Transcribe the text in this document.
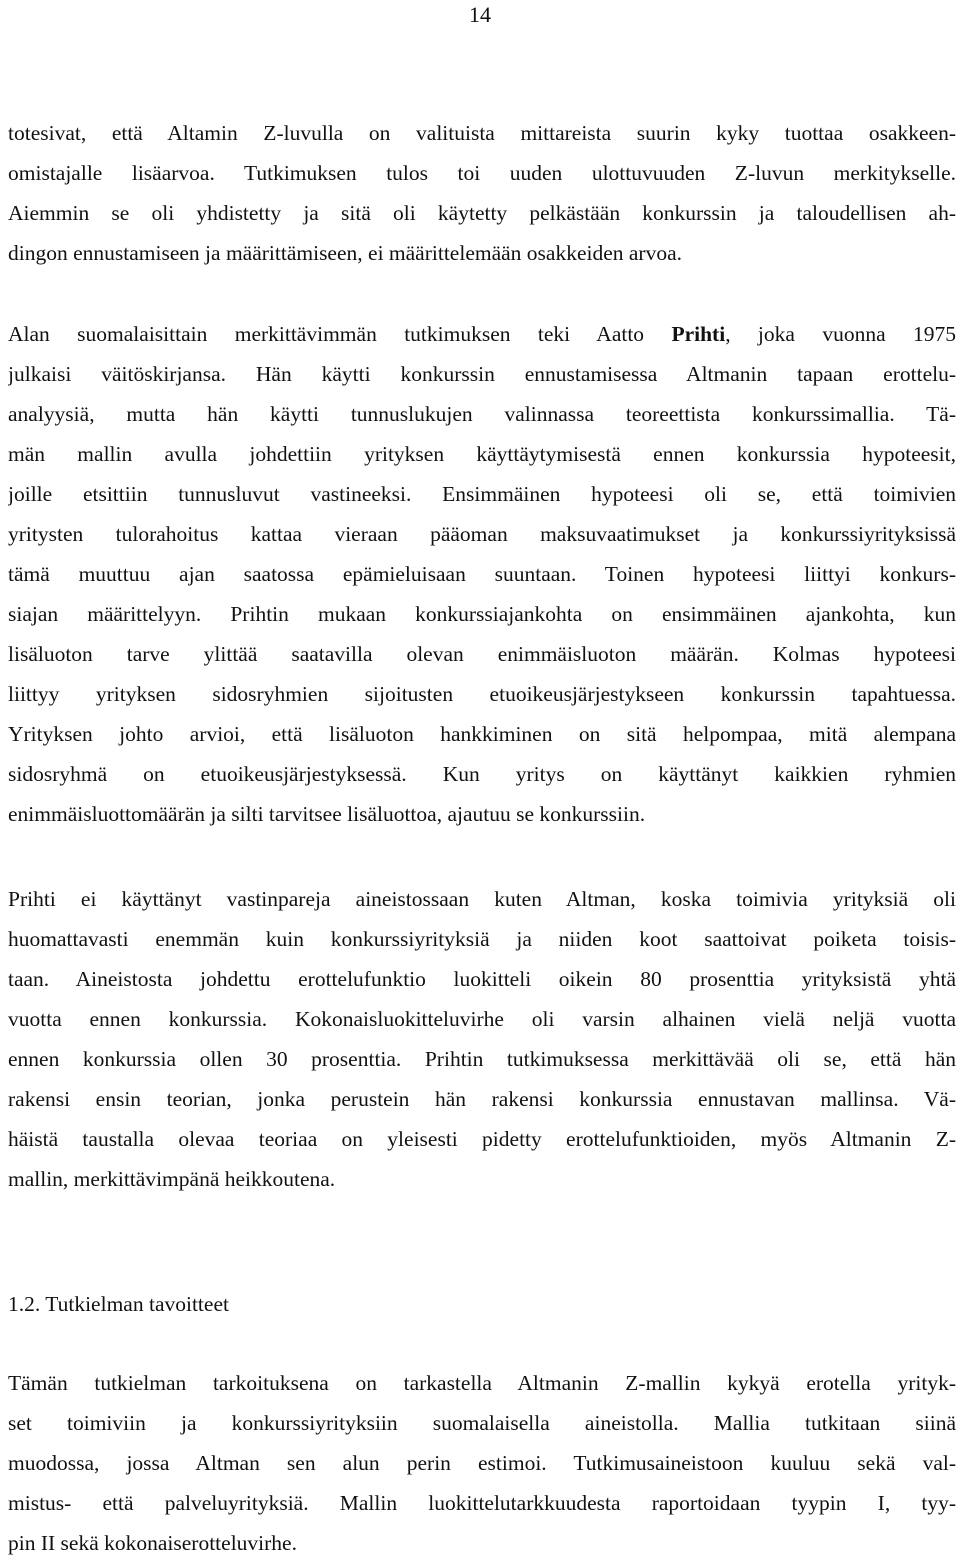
14
totesivat, että Altamin Z-luvulla on valituista mittareista suurin kyky tuottaa osakkeen-
omistajalle lisäarvoa. Tutkimuksen tulos toi uuden ulottuvuuden Z-luvun merkitykselle.
Aiemmin se oli yhdistetty ja sitä oli käytetty pelkästään konkurssin ja taloudellisen ah-
dingon ennustamiseen ja määrittämiseen, ei määrittelemään osakkeiden arvoa.
Alan suomalaisittain merkittävimmän tutkimuksen teki Aatto Prihti, joka vuonna 1975
julkaisi väitöskirjansa. Hän käytti konkurssin ennustamisessa Altmanin tapaan erottelu-
analyysiä, mutta hän käytti tunnuslukujen valinnassa teoreettista konkurssimallia. Tä-
män mallin avulla johdettiin yrityksen käyttäytymisestä ennen konkurssia hypoteesit,
joille etsittiin tunnusluvut vastineeksi. Ensimmäinen hypoteesi oli se, että toimivien
yritysten tulorahoitus kattaa vieraan pääoman maksuvaatimukset ja konkurssiyrityksissä
tämä muuttuu ajan saatossa epämieluisaan suuntaan. Toinen hypoteesi liittyi konkurs-
siajan määrittelyyn. Prihtin mukaan konkurssiajankohta on ensimmäinen ajankohta, kun
lisäluoton tarve ylittää saatavilla olevan enimmäisluoton määrän. Kolmas hypoteesi
liittyy yrityksen sidosryhmien sijoitusten etuoikeusjärjestykseen konkurssin tapahtuessa.
Yrityksen johto arvioi, että lisäluoton hankkiminen on sitä helpompaa, mitä alempana
sidosryhmä on etuoikeusjärjestyksessä. Kun yritys on käyttänyt kaikkien ryhmien
enimmäisluottomäärän ja silti tarvitsee lisäluottoa, ajautuu se konkurssiin.
Prihti ei käyttänyt vastinpareja aineistossaan kuten Altman, koska toimivia yrityksiä oli
huomattavasti enemmän kuin konkurssiyrityksiä ja niiden koot saattoivat poiketa toisis-
taan. Aineistosta johdettu erottelufunktio luokitteli oikein 80 prosenttia yrityksistä yhtä
vuotta ennen konkurssia. Kokonaisluokitteluvirhe oli varsin alhainen vielä neljä vuotta
ennen konkurssia ollen 30 prosenttia. Prihtin tutkimuksessa merkittävää oli se, että hän
rakensi ensin teorian, jonka perustein hän rakensi konkurssia ennustavan mallinsa. Vä-
häistä taustalla olevaa teoriaa on yleisesti pidetty erottelufunktioiden, myös Altmanin Z-
mallin, merkittävimpänä heikkoutena.
1.2. Tutkielman tavoitteet
Tämän tutkielman tarkoituksena on tarkastella Altmanin Z-mallin kykyä erotella yrityk-
set toimiviin ja konkurssiyrityksiin suomalaisella aineistolla. Mallia tutkitaan siinä
muodossa, jossa Altman sen alun perin estimoi. Tutkimusaineistoon kuuluu sekä val-
mistus- että palveluyrityksiä. Mallin luokittelutarkkuudesta raportoidaan tyypin I, tyy-
pin II sekä kokonaiserotteluvirhe.
